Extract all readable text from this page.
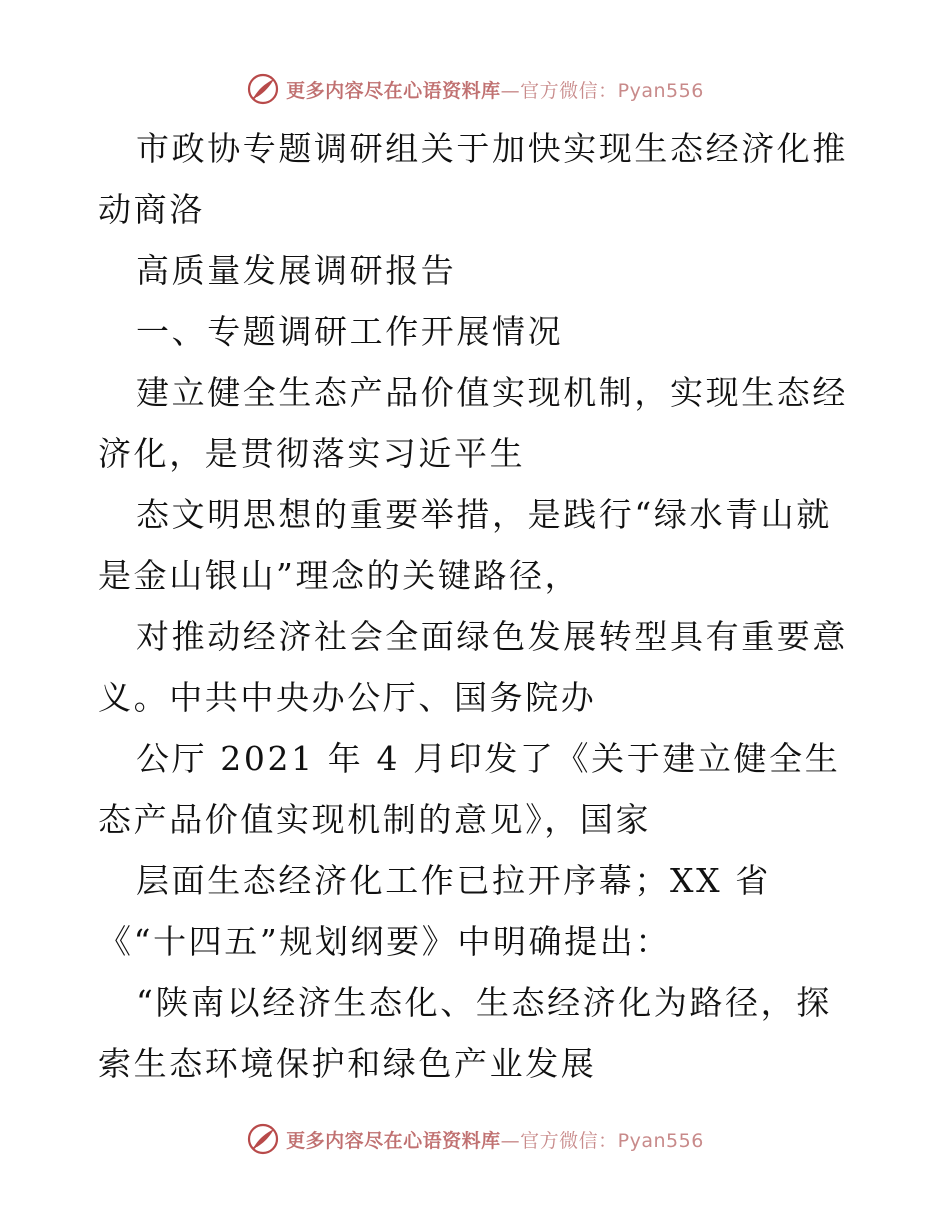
更多内容尽在心语资料库—官方微信：Pyan556

市政协专题调研组关于加快实现生态经济化推动商洛

高质量发展调研报告

一、专题调研工作开展情况

建立健全生态产品价值实现机制，实现生态经济化，是贯彻落实习近平生

态文明思想的重要举措，是践行“绿水青山就是金山银山”理念的关键路径，

对推动经济社会全面绿色发展转型具有重要意义。中共中央办公厅、国务院办

公厅 2021 年 4 月印发了《关于建立健全生态产品价值实现机制的意见》，国家

层面生态经济化工作已拉开序幕；XX 省《“十四五”规划纲要》中明确提出：

“陕南以经济生态化、生态经济化为路径，探索生态环境保护和绿色产业发展

更多内容尽在心语资料库—官方微信：Pyan556
